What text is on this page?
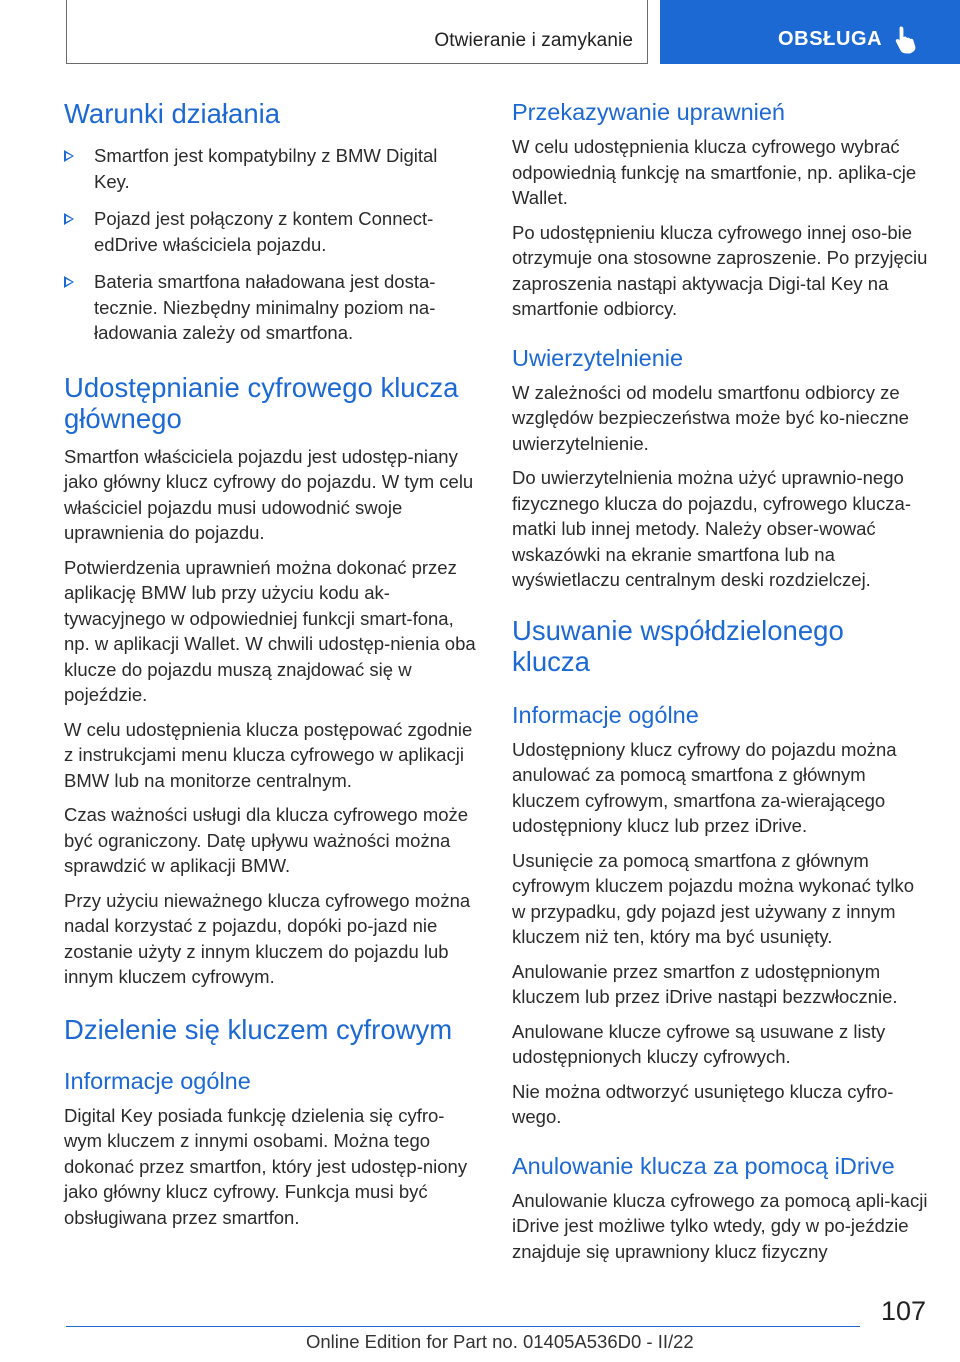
Otwieranie i zamykanie	OBSŁUGA
Warunki działania
Smartfon jest kompatybilny z BMW Digital Key.
Pojazd jest połączony z kontem Connect‐edDrive właściciela pojazdu.
Bateria smartfona naładowana jest dosta‐tecznie. Niezbędny minimalny poziom na‐ładowania zależy od smartfona.
Udostępnianie cyfrowego klucza głównego

Smartfon właściciela pojazdu jest udostęp‐niany jako główny klucz cyfrowy do pojazdu. W tym celu właściciel pojazdu musi udowodnić swoje uprawnienia do pojazdu.

Potwierdzenia uprawnień można dokonać przez aplikację BMW lub przy użyciu kodu ak‐tywacyjnego w odpowiedniej funkcji smart‐fona, np. w aplikacji Wallet. W chwili udostęp‐nienia oba klucze do pojazdu muszą znajdować się w pojeździe.

W celu udostępnienia klucza postępować zgodnie z instrukcjami menu klucza cyfrowego w aplikacji BMW lub na monitorze centralnym.

Czas ważności usługi dla klucza cyfrowego może być ograniczony. Datę upływu ważności można sprawdzić w aplikacji BMW.

Przy użyciu nieważnego klucza cyfrowego można nadal korzystać z pojazdu, dopóki po‐jazd nie zostanie użyty z innym kluczem do pojazdu lub innym kluczem cyfrowym.

Dzielenie się kluczem cyfrowym
Informacje ogólne

Digital Key posiada funkcję dzielenia się cyfro‐wym kluczem z innymi osobami. Można tego dokonać przez smartfon, który jest udostęp‐niony jako główny klucz cyfrowy. Funkcja musi być obsługiwana przez smartfon.

Przekazywanie uprawnień

W celu udostępnienia klucza cyfrowego wybrać odpowiednią funkcję na smartfonie, np. aplika‐cje Wallet.

Po udostępnieniu klucza cyfrowego innej oso‐bie otrzymuje ona stosowne zaproszenie. Po przyjęciu zaproszenia nastąpi aktywacja Digi‐tal Key na smartfonie odbiorcy.

Uwierzytelnienie

W zależności od modelu smartfonu odbiorcy ze względów bezpieczeństwa może być ko‐nieczne uwierzytelnienie.

Do uwierzytelnienia można użyć uprawnio‐nego fizycznego klucza do pojazdu, cyfrowego klucza-matki lub innej metody. Należy obser‐wować wskazówki na ekranie smartfona lub na wyświetlaczu centralnym deski rozdzielczej.

Usuwanie współdzielonego klucza
Informacje ogólne

Udostępniony klucz cyfrowy do pojazdu można anulować za pomocą smartfona z głównym kluczem cyfrowym, smartfona za‐wierającego udostępniony klucz lub przez iDrive.

Usunięcie za pomocą smartfona z głównym cyfrowym kluczem pojazdu można wykonać tylko w przypadku, gdy pojazd jest używany z innym kluczem niż ten, który ma być usunięty.

Anulowanie przez smartfon z udostępnionym kluczem lub przez iDrive nastąpi bezzwłocznie.

Anulowane klucze cyfrowe są usuwane z listy udostępnionych kluczy cyfrowych.

Nie można odtworzyć usuniętego klucza cyfro‐wego.

Anulowanie klucza za pomocą iDrive

Anulowanie klucza cyfrowego za pomocą apli‐kacji iDrive jest możliwe tylko wtedy, gdy w po‐jeździe znajduje się uprawniony klucz fizyczny

107
Online Edition for Part no. 01405A536D0 - II/22
